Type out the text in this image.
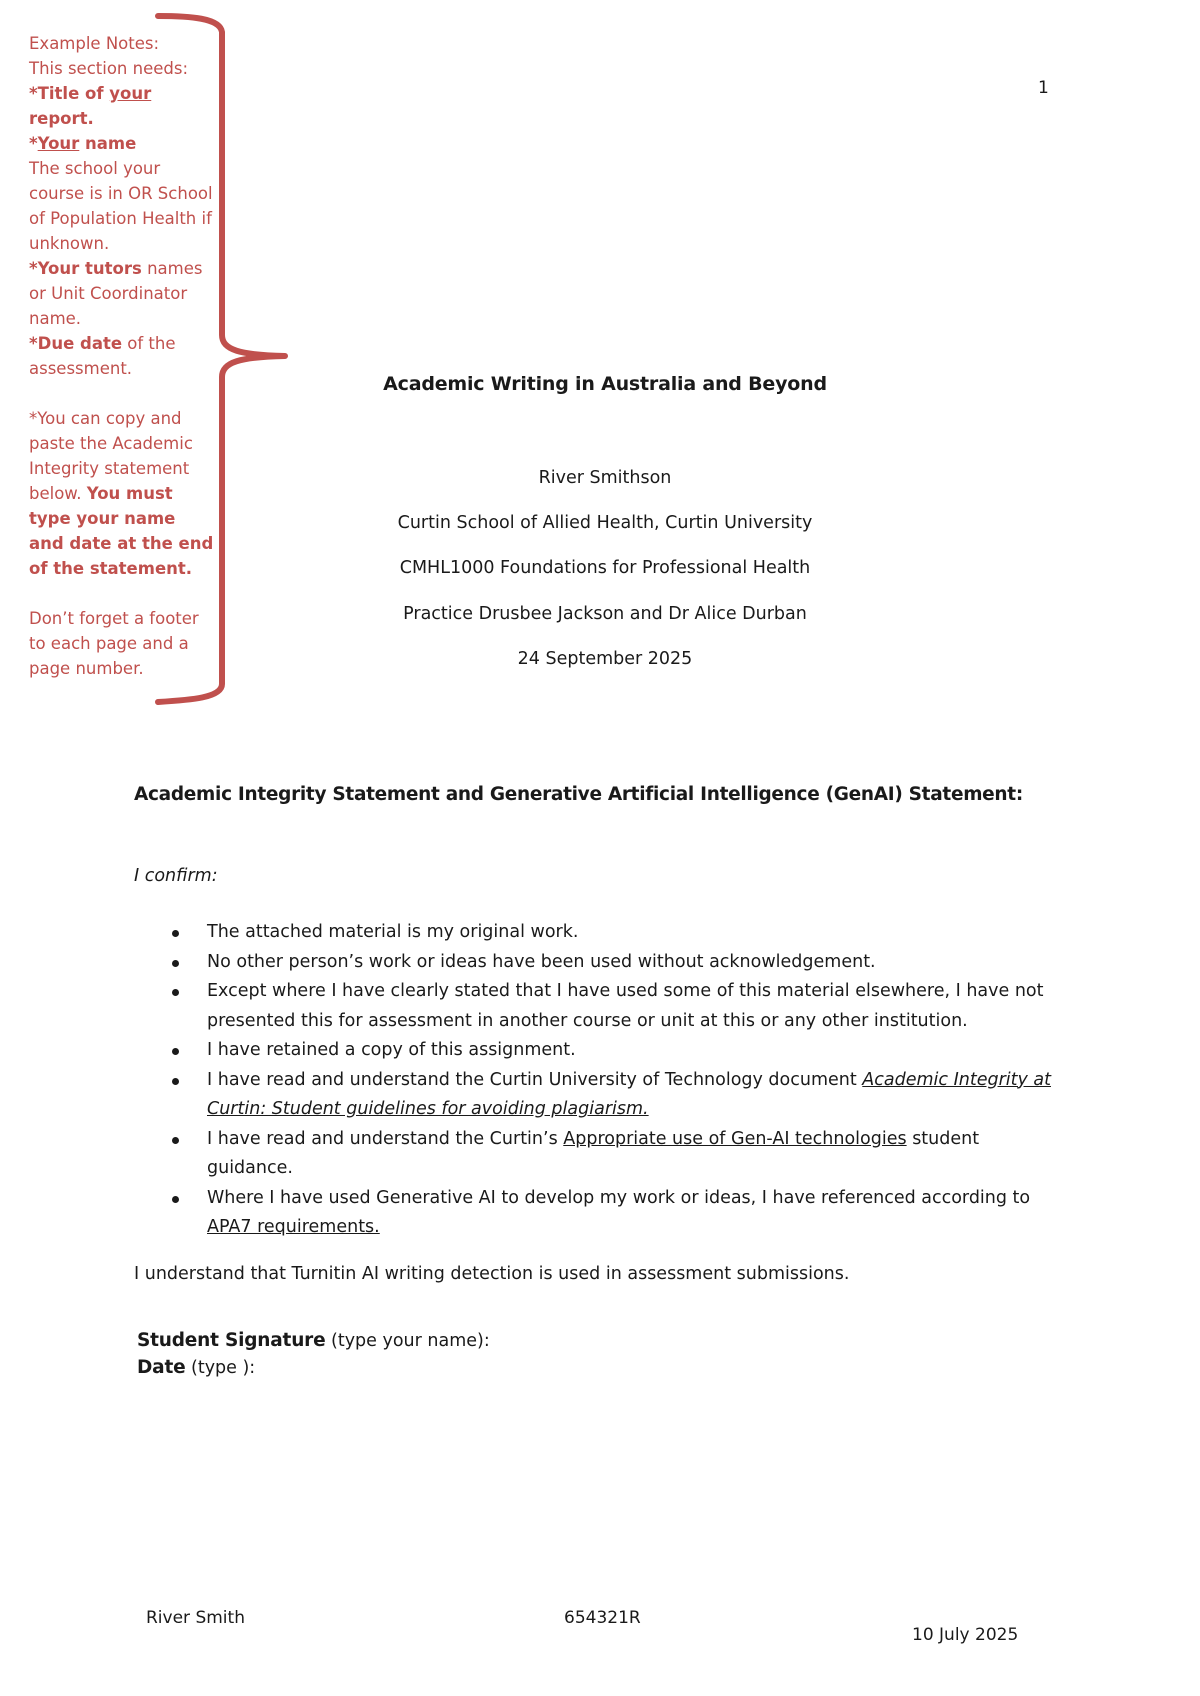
Example Notes:

This section needs:

*Title of your report.

*Your name

The school your course is in OR School of Population Health if unknown.

*Your tutors names or Unit Coordinator name.

*Due date of the assessment.

*You can copy and paste the Academic Integrity statement below. You must type your name and date at the end of the statement.

Don’t forget a footer to each page and a page number.

1
Academic Writing in Australia and Beyond
River Smithson
Curtin School of Allied Health, Curtin University
CMHL1000 Foundations for Professional Health
Practice Drusbee Jackson and Dr Alice Durban
24 September 2025
Academic Integrity Statement and Generative Artificial Intelligence (GenAI) Statement:
I confirm:
The attached material is my original work.
No other person’s work or ideas have been used without acknowledgement.
Except where I have clearly stated that I have used some of this material elsewhere, I have not presented this for assessment in another course or unit at this or any other institution.
I have retained a copy of this assignment.
I have read and understand the Curtin University of Technology document Academic Integrity at Curtin: Student guidelines for avoiding plagiarism.
I have read and understand the Curtin’s Appropriate use of Gen-AI technologies student guidance.
Where I have used Generative AI to develop my work or ideas, I have referenced according to APA7 requirements.
I understand that Turnitin AI writing detection is used in assessment submissions.
Student Signature (type your name):
Date (type ):
River Smith	654321R
10 July 2025
